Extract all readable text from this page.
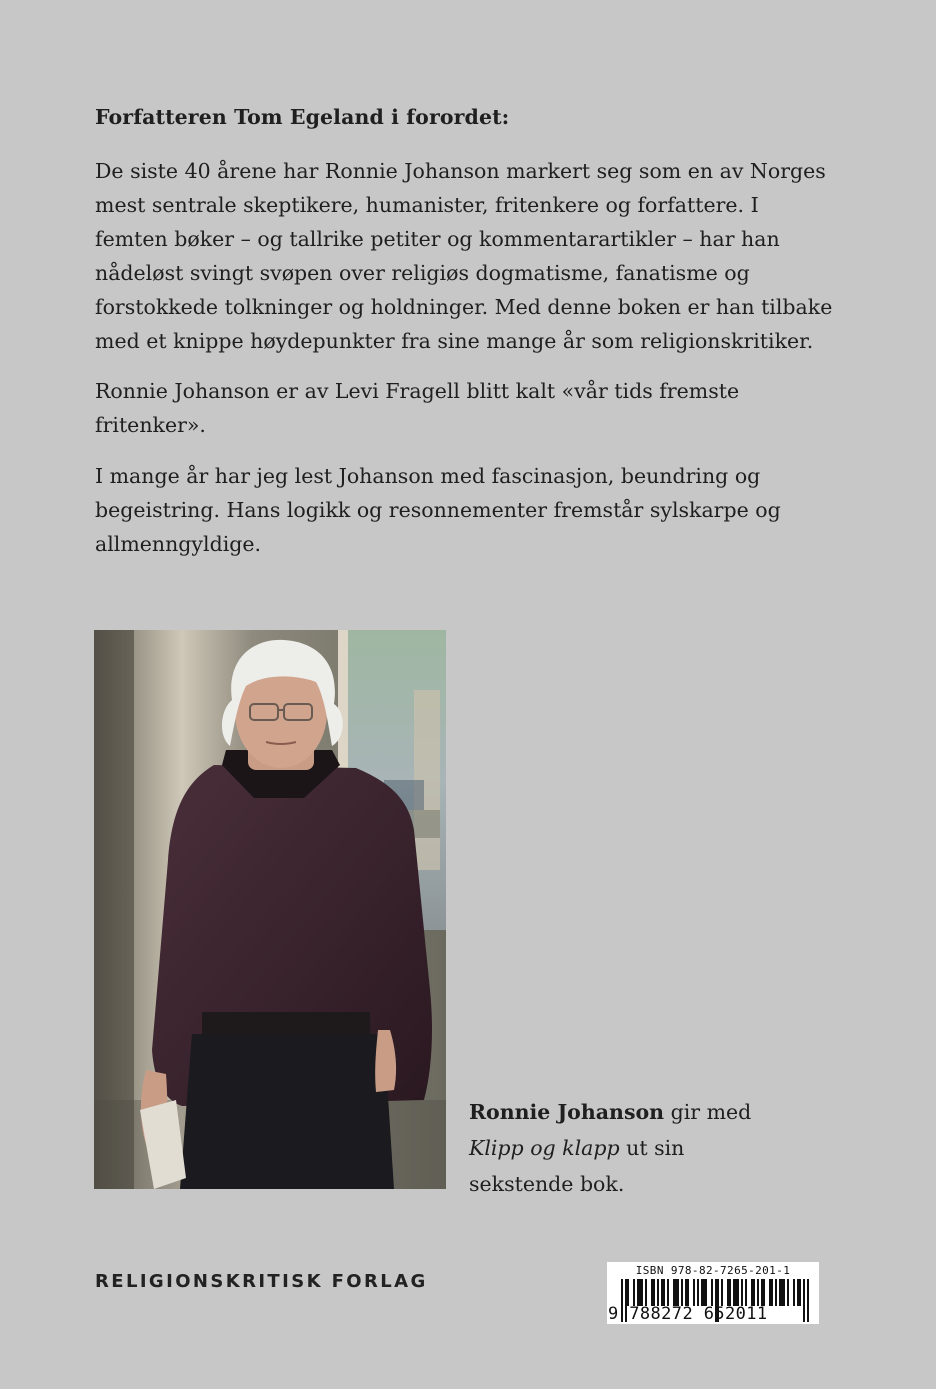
Forfatteren Tom Egeland i forordet:

De siste 40 årene har Ronnie Johanson markert seg som en av Norges mest sentrale skeptikere, humanister, fritenkere og forfattere. I femten bøker – og tallrike petiter og kommentarartikler – har han nådeløst svingt svøpen over religiøs dogmatisme, fanatisme og forstokkede tolkninger og holdninger. Med denne boken er han tilbake med et knippe høydepunkter fra sine mange år som religionskritiker.

Ronnie Johanson er av Levi Fragell blitt kalt «vår tids fremste fritenker».

I mange år har jeg lest Johanson med fascinasjon, beundring og begeistring. Hans logikk og resonnementer fremstår sylskarpe og allmenngyldige.

Ronnie Johanson gir med Klipp og klapp ut sin sekstende bok.
RELIGIONSKRITISK FORLAG
ISBN 978-82-7265-201-1
9 788272 652011
